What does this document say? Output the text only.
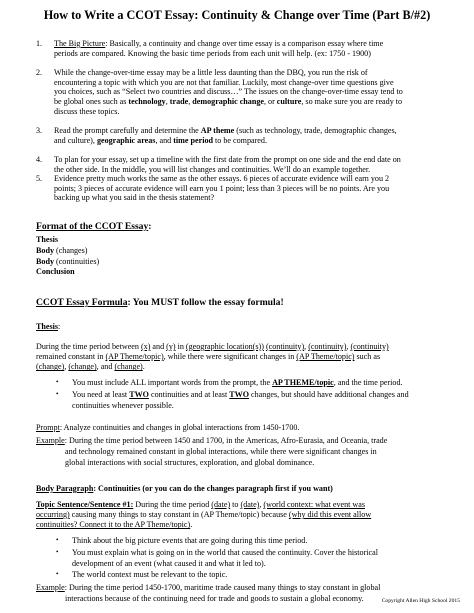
How to Write a CCOT Essay: Continuity & Change over Time (Part B/#2)
1. The Big Picture: Basically, a continuity and change over time essay is a comparison essay where time
periods are compared. Knowing the basic time periods from each unit will help. (ex: 1750 - 1900)
2. While the change-over-time essay may be a little less daunting than the DBQ, you run the risk of
encountering a topic with which you are not that familiar. Luckily, most change-over time questions give
you choices, such as “Select two countries and discuss…” The issues on the change-over-time essay tend to
be global ones such as technology, trade, demographic change, or culture, so make sure you are ready to
discuss these topics.
3. Read the prompt carefully and determine the AP theme (such as technology, trade, demographic changes,
and culture), geographic areas, and time period to be compared.
4. To plan for your essay, set up a timeline with the first date from the prompt on one side and the end date on
the other side. In the middle, you will list changes and continuities. We’ll do an example together.
5. Evidence pretty much works the same as the other essays. 6 pieces of accurate evidence will earn you 2
points; 3 pieces of accurate evidence will earn you 1 point; less than 3 pieces will be no points. Are you
backing up what you said in the thesis statement?
Format of the CCOT Essay:
Thesis
Body (changes)
Body (continuities)
Conclusion
CCOT Essay Formula: You MUST follow the essay formula!
Thesis:
During the time period between (x) and (y) in (geographic location(s)) (continuity), (continuity), (continuity)
remained constant in (AP Theme/topic), while there were significant changes in (AP Theme/topic) such as
(change), (change), and (change).
• You must include ALL important words from the prompt, the AP THEME/topic, and the time period.
• You need at least TWO continuities and at least TWO changes, but should have additional changes and
continuities whenever possible.
Prompt: Analyze continuities and changes in global interactions from 1450-1700.
Example: During the time period between 1450 and 1700, in the Americas, Afro-Eurasia, and Oceania, trade
and technology remained constant in global interactions, while there were significant changes in
global interactions with social structures, exploration, and global dominance.
Body Paragraph: Continuities (or you can do the changes paragraph first if you want)
Topic Sentence/Sentence #1: During the time period (date) to (date), (world context: what event was
occurring) causing many things to stay constant in (AP Theme/topic) because (why did this event allow
continuities? Connect it to the AP Theme/topic).
• Think about the big picture events that are going during this time period.
• You must explain what is going on in the world that caused the continuity. Cover the historical
development of an event (what caused it and what it led to).
• The world context must be relevant to the topic.
Example: During the time period 1450-1700, maritime trade caused many things to stay constant in global
interactions because of the continuing need for trade and goods to sustain a global economy.	Copyright Allen High School 2015
